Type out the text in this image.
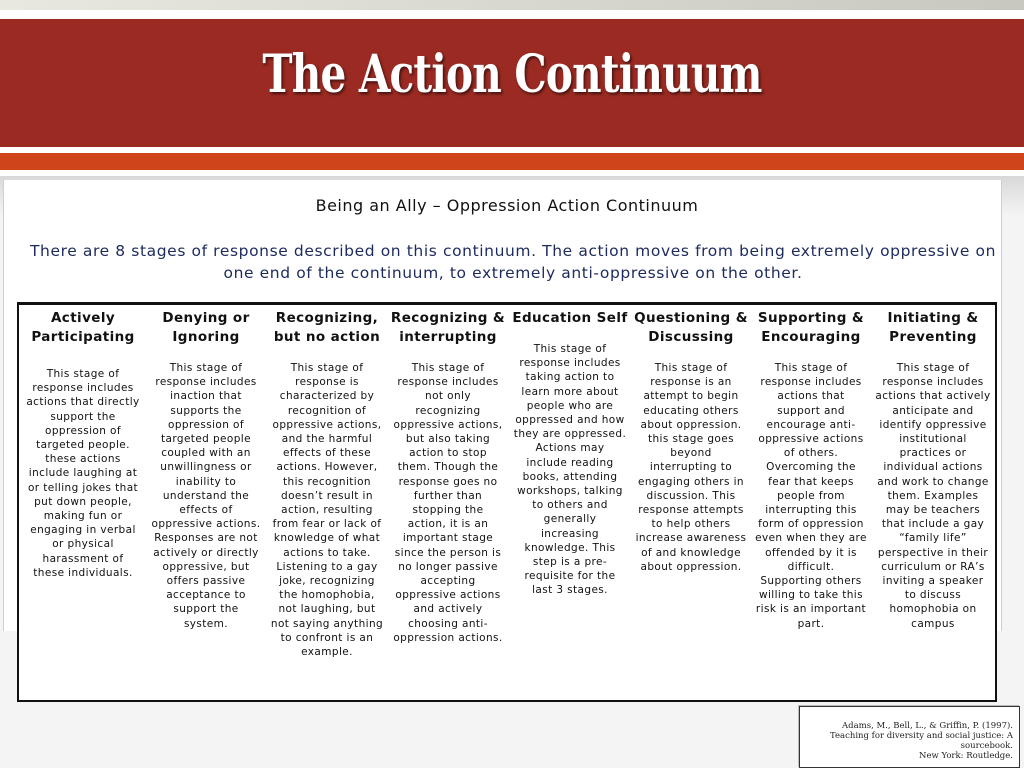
The Action Continuum
Being an Ally – Oppression Action Continuum
There are 8 stages of response described on this continuum. The action moves from being extremely oppressive on one end of the continuum, to extremely anti-oppressive on the other.
Actively
Participating
This stage of
response includes
actions that directly
support the
oppression of
targeted people.
these actions
include laughing at
or telling jokes that
put down people,
making fun or
engaging in verbal
or physical
harassment of
these individuals.
Denying or
Ignoring
This stage of
response includes
inaction that
supports the
oppression of
targeted people
coupled with an
unwillingness or
inability to
understand the
effects of
oppressive actions.
Responses are not
actively or directly
oppressive, but
offers passive
acceptance to
support the
system.
Recognizing,
but no action
This stage of
response is
characterized by
recognition of
oppressive actions,
and the harmful
effects of these
actions. However,
this recognition
doesn’t result in
action, resulting
from fear or lack of
knowledge of what
actions to take.
Listening to a gay
joke, recognizing
the homophobia,
not laughing, but
not saying anything
to confront is an
example.
Recognizing &
interrupting
This stage of
response includes
not only
recognizing
oppressive actions,
but also taking
action to stop
them. Though the
response goes no
further than
stopping the
action, it is an
important stage
since the person is
no longer passive
accepting
oppressive actions
and actively
choosing anti-
oppression actions.
Education Self
This stage of
response includes
taking action to
learn more about
people who are
oppressed and how
they are oppressed.
Actions may
include reading
books, attending
workshops, talking
to others and
generally
increasing
knowledge. This
step is a pre-
requisite for the
last 3 stages.
Questioning &
Discussing
This stage of
response is an
attempt to begin
educating others
about oppression.
this stage goes
beyond
interrupting to
engaging others in
discussion. This
response attempts
to help others
increase awareness
of and knowledge
about oppression.
Supporting &
Encouraging
This stage of
response includes
actions that
support and
encourage anti-
oppressive actions
of others.
Overcoming the
fear that keeps
people from
interrupting this
form of oppression
even when they are
offended by it is
difficult.
Supporting others
willing to take this
risk is an important
part.
Initiating &
Preventing
This stage of
response includes
actions that actively
anticipate and
identify oppressive
institutional
practices or
individual actions
and work to change
them. Examples
may be teachers
that include a gay
“family life”
perspective in their
curriculum or RA’s
inviting a speaker
to discuss
homophobia on
campus
Adams, M., Bell, L., & Griffin, P. (1997).
Teaching for diversity and social justice: A sourcebook.
New York: Routledge.
